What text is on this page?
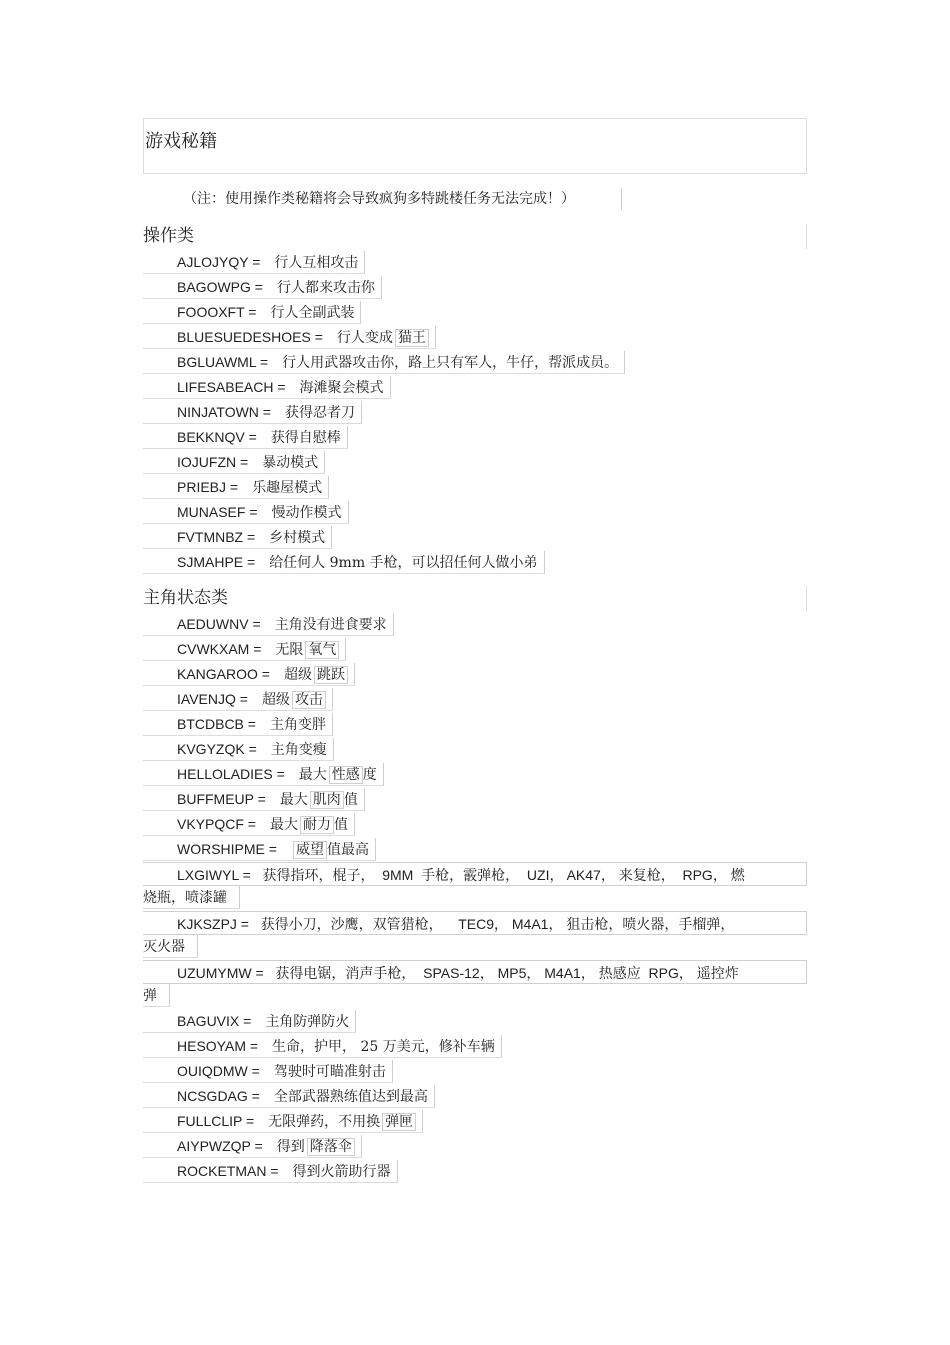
游戏秘籍
（注：使用操作类秘籍将会导致疯狗多特跳楼任务无法完成！）
操作类
AJLOJYQY = 行人互相攻击
BAGOWPG = 行人都来攻击你
FOOOXFT = 行人全副武装
BLUESUEDESHOES = 行人变成 猫王
BGLUAWML = 行人用武器攻击你，路上只有军人，牛仔，帮派成员。
LIFESABEACH = 海滩聚会模式
NINJATOWN = 获得忍者刀
BEKKNQV = 获得自慰棒
IOJUFZN = 暴动模式
PRIEBJ = 乐趣屋模式
MUNASEF = 慢动作模式
FVTMNBZ = 乡村模式
SJMAHPE = 给任何人 9mm 手枪，可以招任何人做小弟
主角状态类
AEDUWNV = 主角没有进食要求
CVWKXAM = 无限 氧气
KANGAROO = 超级 跳跃
IAVENJQ = 超级 攻击
BTCDBCB = 主角变胖
KVGYZQK = 主角变瘦
HELLOLADIES = 最大 性感 度
BUFFMEUP = 最大 肌肉 值
VKYPQCF = 最大 耐力 值
WORSHIPME = 威望 值最高
LXGIWYL =   获得指环，棍子，  9MM  手枪，霰弹枪，  UZI， AK47， 来复枪，  RPG， 燃
烧瓶，喷漆罐
KJKSZPJ =   获得小刀，沙鹰，双管猎枪，    TEC9， M4A1， 狙击枪，喷火器，手榴弹，
灭火器
UZUMYMW =   获得电锯，消声手枪，  SPAS-12， MP5， M4A1， 热感应  RPG， 遥控炸
弹
BAGUVIX = 主角防弹防火
HESOYAM = 生命，护甲， 25 万美元，修补车辆
OUIQDMW = 驾驶时可瞄准射击
NCSGDAG = 全部武器熟练值达到最高
FULLCLIP = 无限弹药，不用换 弹匣
AIYPWZQP = 得到 降落伞
ROCKETMAN = 得到火箭助行器
